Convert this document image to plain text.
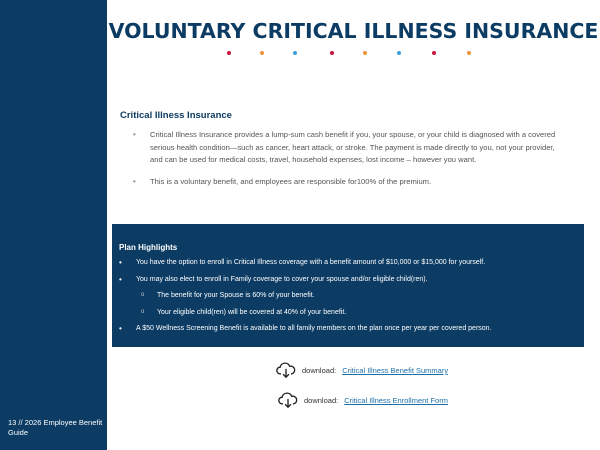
13 // 2026 Employee Benefit Guide
VOLUNTARY CRITICAL ILLNESS INSURANCE
Critical Illness Insurance
• Critical Illness Insurance provides a lump-sum cash benefit if you, your spouse, or your child is diagnosed with a covered serious health condition—such as cancer, heart attack, or stroke. The payment is made directly to you, not your provider, and can be used for medical costs, travel, household expenses, lost income – however you want.
• This is a voluntary benefit, and employees are responsible for100% of the premium.
Plan Highlights
• You have the option to enroll in Critical Illness coverage with a benefit amount of $10,000 or $15,000 for yourself.
• You may also elect to enroll in Family coverage to cover your spouse and/or eligible child(ren).
o The benefit for your Spouse is 60% of your benefit.
o Your eligible child(ren) will be covered at 40% of your benefit.
• A $50 Wellness Screening Benefit is available to all family members on the plan once per year per covered person.
download: Critical Illness Benefit Summary
download: Critical Illness Enrollment Form
